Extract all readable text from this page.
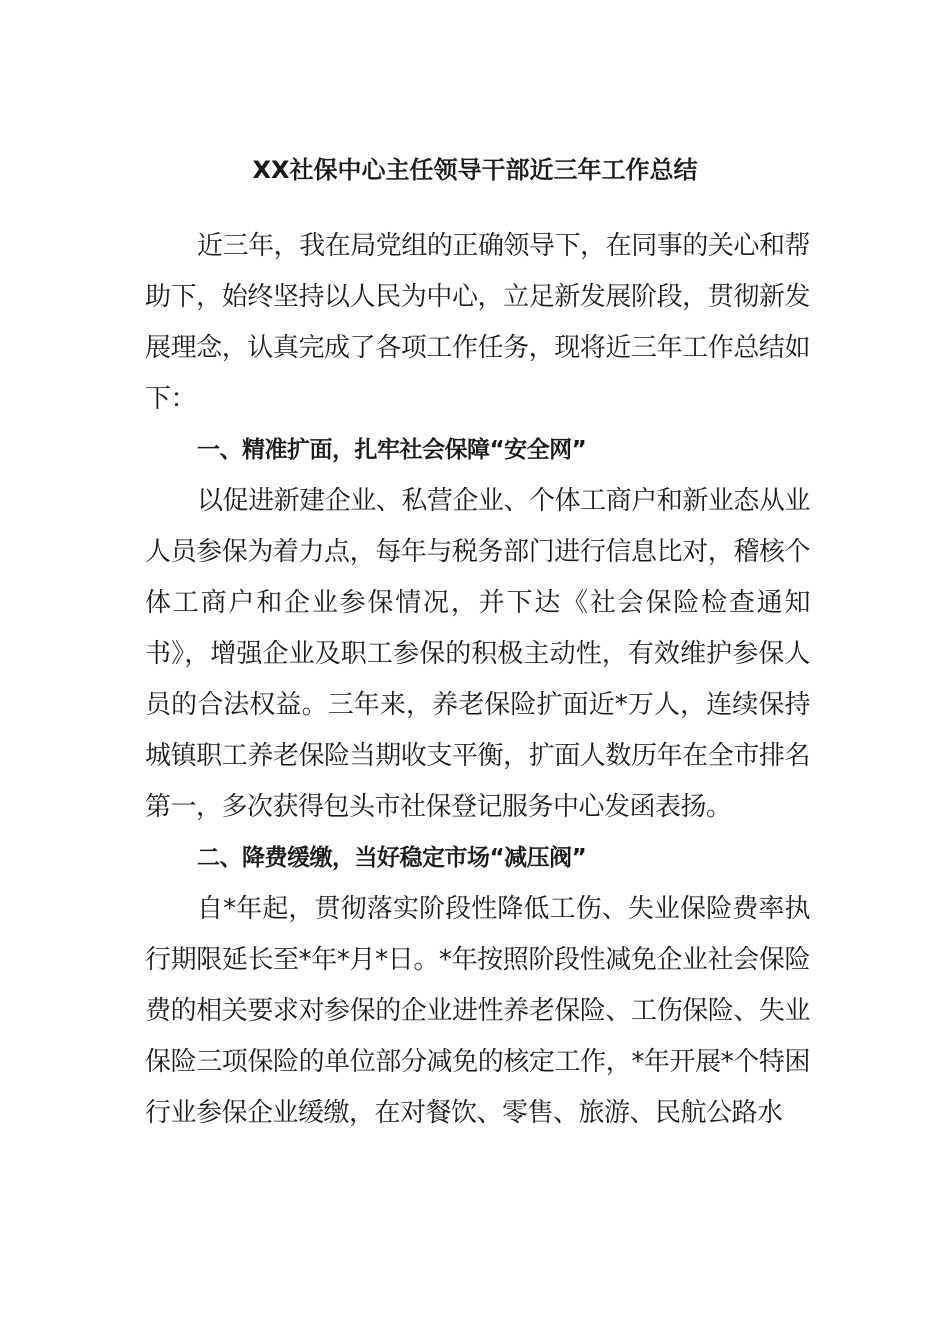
XX社保中心主任领导干部近三年工作总结

近三年，我在局党组的正确领导下，在同事的关心和帮助下，始终坚持以人民为中心，立足新发展阶段，贯彻新发展理念，认真完成了各项工作任务，现将近三年工作总结如下：

一、精准扩面，扎牢社会保障“安全网”

以促进新建企业、私营企业、个体工商户和新业态从业人员参保为着力点，每年与税务部门进行信息比对，稽核个体工商户和企业参保情况，并下达《社会保险检查通知书》，增强企业及职工参保的积极主动性，有效维护参保人员的合法权益。三年来，养老保险扩面近*万人，连续保持城镇职工养老保险当期收支平衡，扩面人数历年在全市排名第一，多次获得包头市社保登记服务中心发函表扬。

二、降费缓缴，当好稳定市场“减压阀”

自*年起，贯彻落实阶段性降低工伤、失业保险费率执行期限延长至*年*月*日。*年按照阶段性减免企业社会保险费的相关要求对参保的企业进性养老保险、工伤保险、失业保险三项保险的单位部分减免的核定工作，*年开展*个特困行业参保企业缓缴，在对餐饮、零售、旅游、民航公路水
